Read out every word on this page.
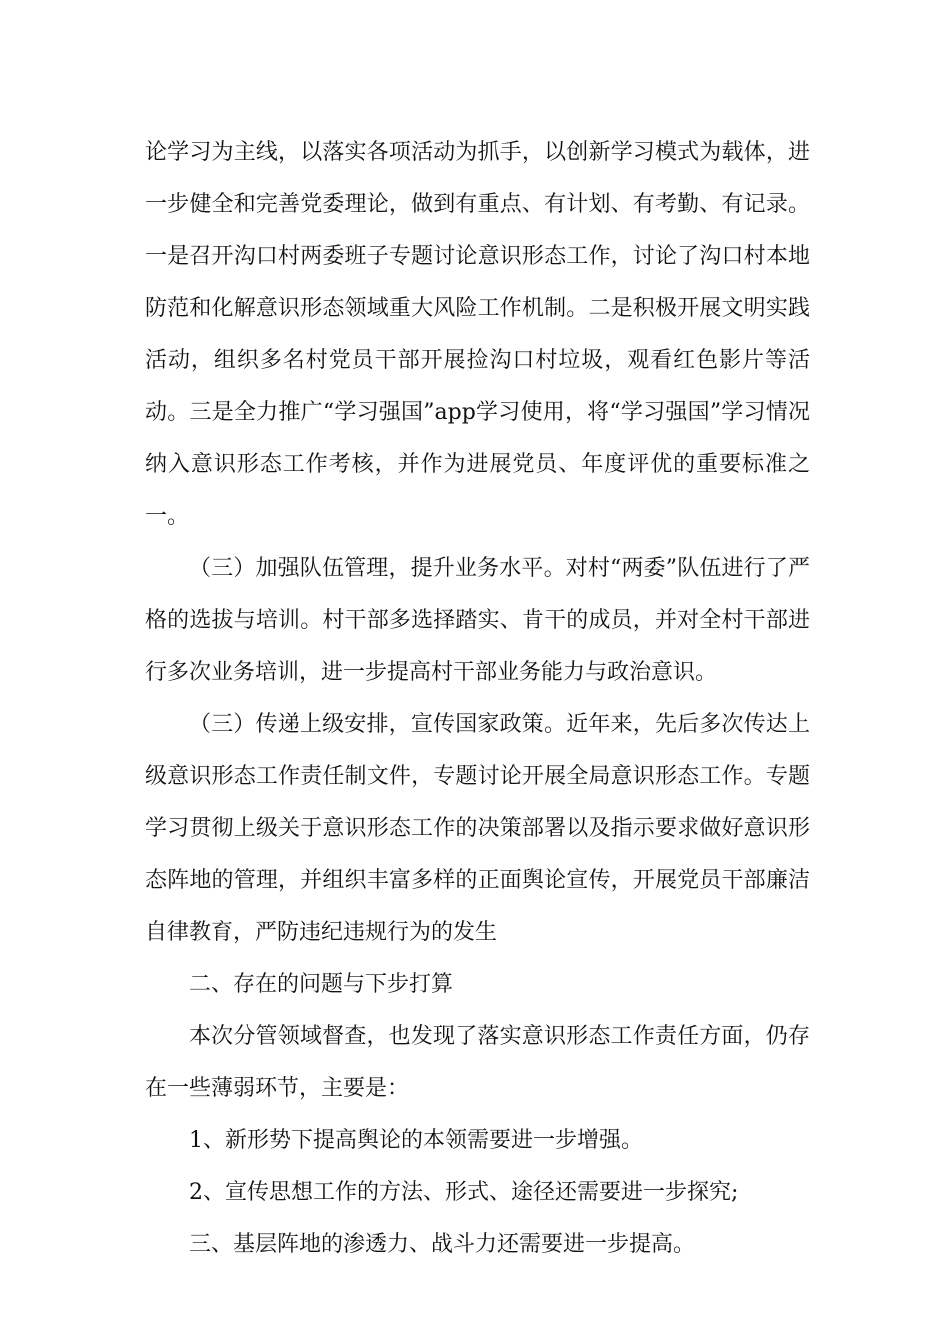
论学习为主线，以落实各项活动为抓手，以创新学习模式为载体，进一步健全和完善党委理论，做到有重点、有计划、有考勤、有记录。一是召开沟口村两委班子专题讨论意识形态工作，讨论了沟口村本地防范和化解意识形态领域重大风险工作机制。二是积极开展文明实践活动，组织多名村党员干部开展捡沟口村垃圾，观看红色影片等活动。三是全力推广“学习强国”app学习使用，将“学习强国”学习情况纳入意识形态工作考核，并作为进展党员、年度评优的重要标准之一。

（三）加强队伍管理，提升业务水平。对村“两委”队伍进行了严格的选拔与培训。村干部多选择踏实、肯干的成员，并对全村干部进行多次业务培训，进一步提高村干部业务能力与政治意识。

（三）传递上级安排，宣传国家政策。近年来，先后多次传达上级意识形态工作责任制文件，专题讨论开展全局意识形态工作。专题学习贯彻上级关于意识形态工作的决策部署以及指示要求做好意识形态阵地的管理，并组织丰富多样的正面舆论宣传，开展党员干部廉洁自律教育，严防违纪违规行为的发生

二、存在的问题与下步打算

本次分管领域督查，也发现了落实意识形态工作责任方面，仍存在一些薄弱环节，主要是：

1、新形势下提高舆论的本领需要进一步增强。

2、宣传思想工作的方法、形式、途径还需要进一步探究;

三、基层阵地的渗透力、战斗力还需要进一步提高。
